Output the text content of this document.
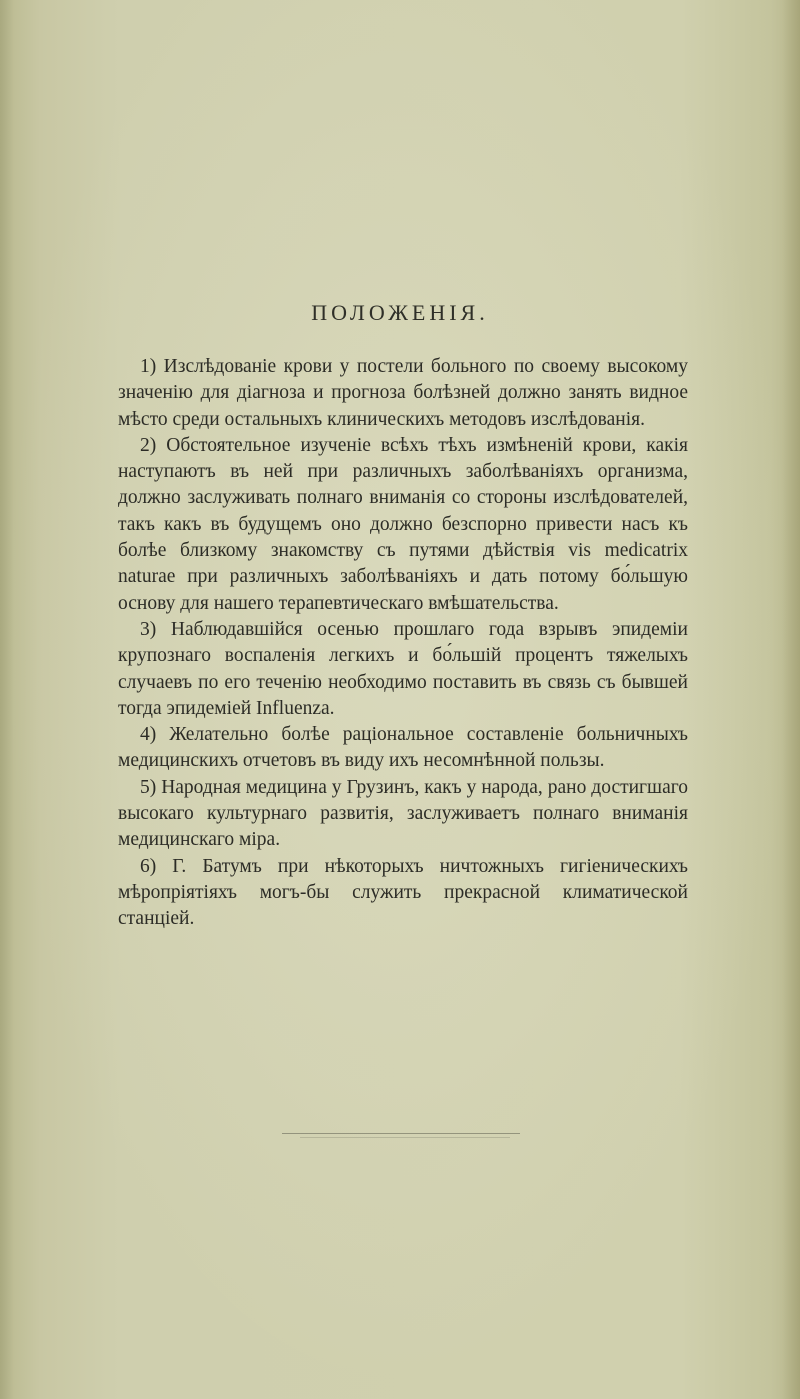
ПОЛОЖЕНІЯ.

1) Изслѣдованіе крови у постели больного по своему высокому значенію для діагноза и прогноза болѣзней должно занять видное мѣсто среди остальныхъ клиническихъ методовъ изслѣдованія.

2) Обстоятельное изученіе всѣхъ тѣхъ измѣненій крови, какія наступаютъ въ ней при различныхъ заболѣваніяхъ организма, должно заслуживать полнаго вниманія со стороны изслѣдователей, такъ какъ въ будущемъ оно должно безспорно привести насъ къ болѣе близкому знакомству съ путями дѣйствія vis medicatrix naturae при различныхъ заболѣваніяхъ и дать потому бо́льшую основу для нашего терапевтическаго вмѣшательства.

3) Наблюдавшійся осенью прошлаго года взрывъ эпидеміи крупознаго воспаленія легкихъ и бо́льшій процентъ тяжелыхъ случаевъ по его теченію необходимо поставить въ связь съ бывшей тогда эпидеміей Influenza.

4) Желательно болѣе раціональное составленіе больничныхъ медицинскихъ отчетовъ въ виду ихъ несомнѣнной пользы.

5) Народная медицина у Грузинъ, какъ у народа, рано достигшаго высокаго культурнаго развитія, заслуживаетъ полнаго вниманія медицинскаго міра.

6) Г. Батумъ при нѣкоторыхъ ничтожныхъ гигіеническихъ мѣропріятіяхъ могъ-бы служить прекрасной климатической станціей.
